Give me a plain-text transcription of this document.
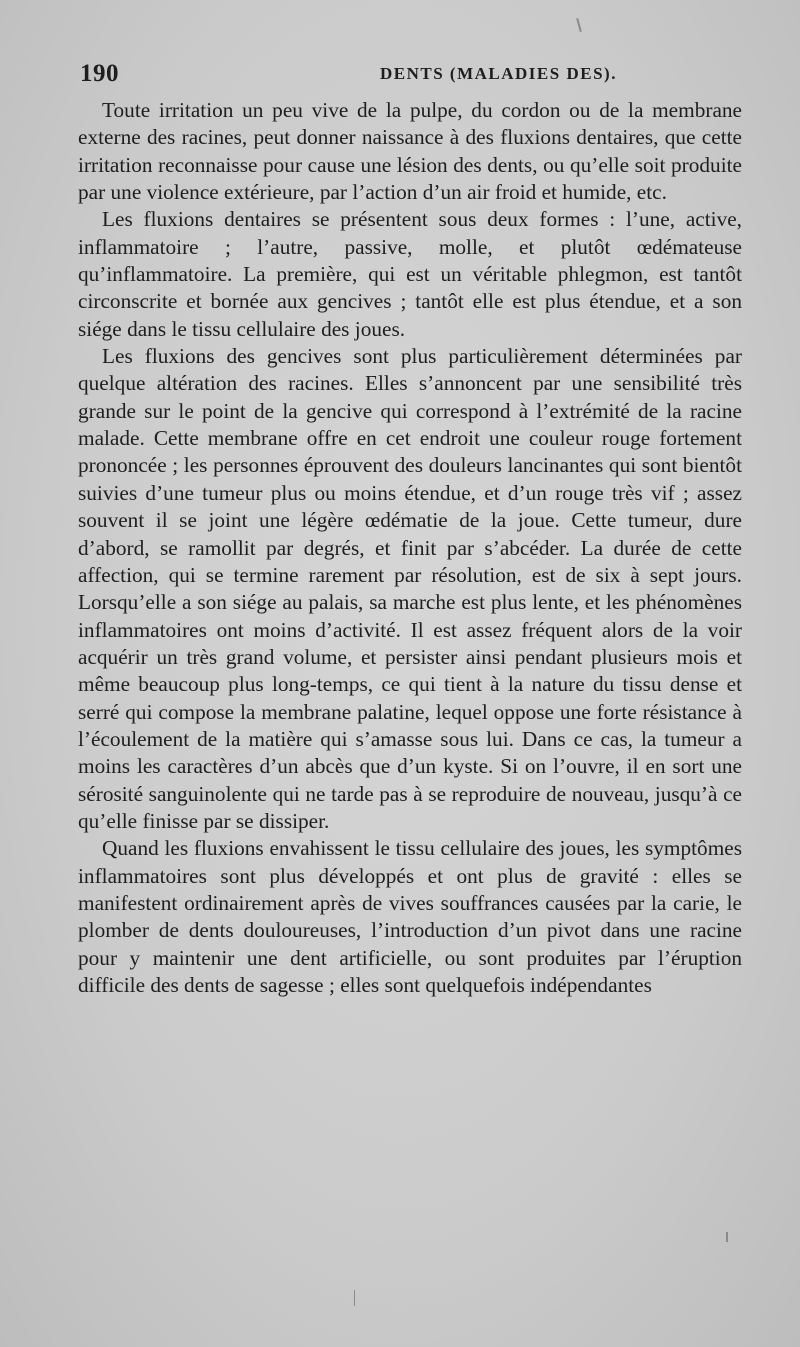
190	DENTS (MALADIES DES).

Toute irritation un peu vive de la pulpe, du cordon ou de la membrane externe des racines, peut donner naissance à des fluxions dentaires, que cette irritation reconnaisse pour cause une lésion des dents, ou qu’elle soit produite par une violence extérieure, par l’action d’un air froid et humide, etc.

Les fluxions dentaires se présentent sous deux formes : l’une, active, inflammatoire ; l’autre, passive, molle, et plutôt œdémateuse qu’inflammatoire. La première, qui est un véritable phlegmon, est tantôt circonscrite et bornée aux gencives ; tantôt elle est plus étendue, et a son siége dans le tissu cellulaire des joues.

Les fluxions des gencives sont plus particulièrement déterminées par quelque altération des racines. Elles s’annoncent par une sensibilité très grande sur le point de la gencive qui correspond à l’extrémité de la racine malade. Cette membrane offre en cet endroit une couleur rouge fortement prononcée ; les personnes éprouvent des douleurs lancinantes qui sont bientôt suivies d’une tumeur plus ou moins étendue, et d’un rouge très vif ; assez souvent il se joint une légère œdématie de la joue. Cette tumeur, dure d’abord, se ramollit par degrés, et finit par s’abcéder. La durée de cette affection, qui se termine rarement par résolution, est de six à sept jours. Lorsqu’elle a son siége au palais, sa marche est plus lente, et les phénomènes inflammatoires ont moins d’activité. Il est assez fréquent alors de la voir acquérir un très grand volume, et persister ainsi pendant plusieurs mois et même beaucoup plus long-temps, ce qui tient à la nature du tissu dense et serré qui compose la membrane palatine, lequel oppose une forte résistance à l’écoulement de la matière qui s’amasse sous lui. Dans ce cas, la tumeur a moins les caractères d’un abcès que d’un kyste. Si on l’ouvre, il en sort une sérosité sanguinolente qui ne tarde pas à se reproduire de nouveau, jusqu’à ce qu’elle finisse par se dissiper.

Quand les fluxions envahissent le tissu cellulaire des joues, les symptômes inflammatoires sont plus développés et ont plus de gravité : elles se manifestent ordinairement après de vives souffrances causées par la carie, le plomber de dents douloureuses, l’introduction d’un pivot dans une racine pour y maintenir une dent artificielle, ou sont produites par l’éruption difficile des dents de sagesse ; elles sont quelquefois indépendantes
